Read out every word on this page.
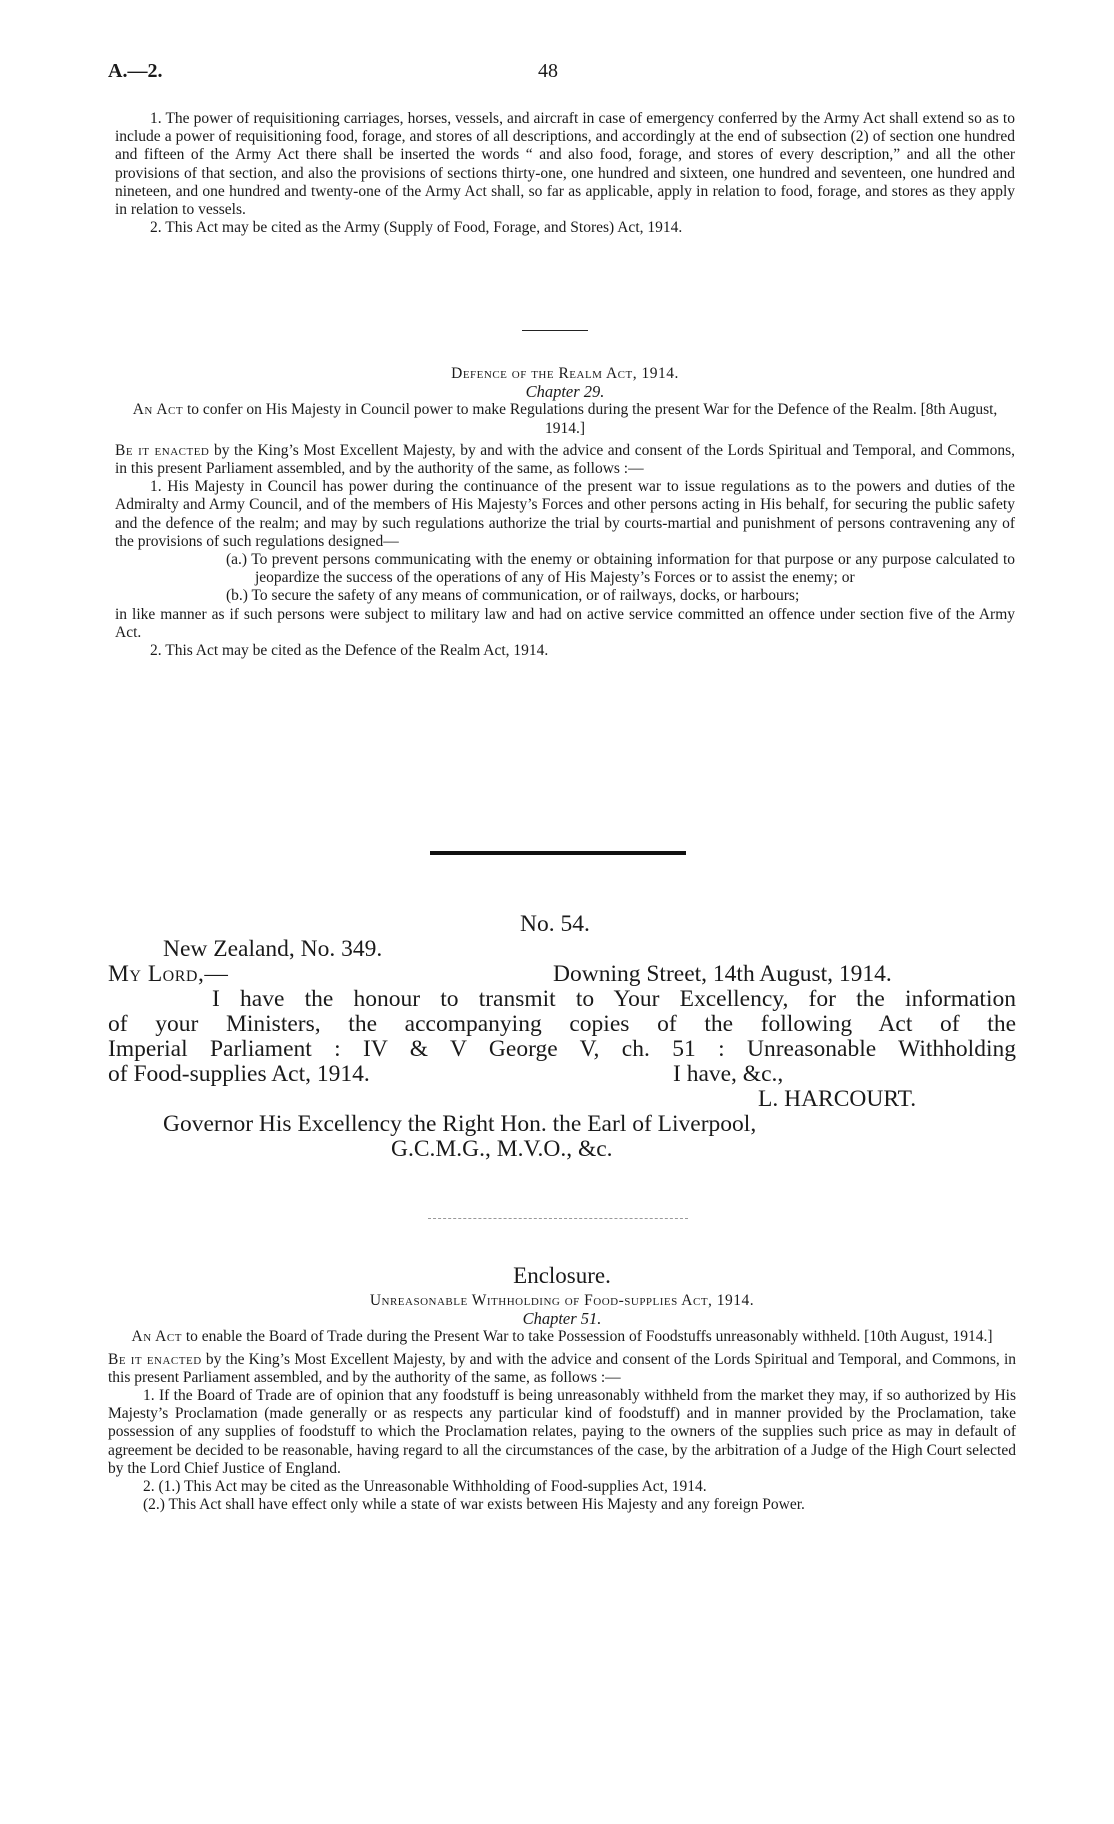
A.—2.	48

1. The power of requisitioning carriages, horses, vessels, and aircraft in case of emergency conferred by the Army Act shall extend so as to include a power of requisitioning food, forage, and stores of all descriptions, and accordingly at the end of subsection (2) of section one hundred and fifteen of the Army Act there shall be inserted the words “ and also food, forage, and stores of every description,” and all the other provisions of that section, and also the provisions of sections thirty-one, one hundred and sixteen, one hundred and seventeen, one hundred and nineteen, and one hundred and twenty-one of the Army Act shall, so far as applicable, apply in relation to food, forage, and stores as they apply in relation to vessels.

2. This Act may be cited as the Army (Supply of Food, Forage, and Stores) Act, 1914.

Defence of the Realm Act, 1914.

Chapter 29.

An Act to confer on His Majesty in Council power to make Regulations during the present War for the Defence of the Realm. [8th August, 1914.]

Be it enacted by the King’s Most Excellent Majesty, by and with the advice and consent of the Lords Spiritual and Temporal, and Commons, in this present Parliament assembled, and by the authority of the same, as follows :—

1. His Majesty in Council has power during the continuance of the present war to issue regulations as to the powers and duties of the Admiralty and Army Council, and of the members of His Majesty’s Forces and other persons acting in His behalf, for securing the public safety and the defence of the realm; and may by such regulations authorize the trial by courts-martial and punishment of persons contravening any of the provisions of such regulations designed—

(a.) To prevent persons communicating with the enemy or obtaining information for that purpose or any purpose calculated to jeopardize the success of the operations of any of His Majesty’s Forces or to assist the enemy; or

(b.) To secure the safety of any means of communication, or of railways, docks, or harbours;

in like manner as if such persons were subject to military law and had on active service committed an offence under section five of the Army Act.

2. This Act may be cited as the Defence of the Realm Act, 1914.

No. 54.
New Zealand, No. 349.
My Lord,—	Downing Street, 14th August, 1914.
I have the honour to transmit to Your Excellency, for the information
of your Ministers, the accompanying copies of the following Act of the
Imperial Parliament : IV & V George V, ch. 51 : Unreasonable Withholding
of Food-supplies Act, 1914.	I have, &c.,
L. HARCOURT.
Governor His Excellency the Right Hon. the Earl of Liverpool,
G.C.M.G., M.V.O., &c.

Enclosure.

Unreasonable Withholding of Food-supplies Act, 1914.

Chapter 51.

An Act to enable the Board of Trade during the Present War to take Possession of Foodstuffs unreasonably withheld. [10th August, 1914.]

Be it enacted by the King’s Most Excellent Majesty, by and with the advice and consent of the Lords Spiritual and Temporal, and Commons, in this present Parliament assembled, and by the authority of the same, as follows :—

1. If the Board of Trade are of opinion that any foodstuff is being unreasonably withheld from the market they may, if so authorized by His Majesty’s Proclamation (made generally or as respects any particular kind of foodstuff) and in manner provided by the Proclamation, take possession of any supplies of foodstuff to which the Proclamation relates, paying to the owners of the supplies such price as may in default of agreement be decided to be reasonable, having regard to all the circumstances of the case, by the arbitration of a Judge of the High Court selected by the Lord Chief Justice of England.

2. (1.) This Act may be cited as the Unreasonable Withholding of Food-supplies Act, 1914.

(2.) This Act shall have effect only while a state of war exists between His Majesty and any foreign Power.
